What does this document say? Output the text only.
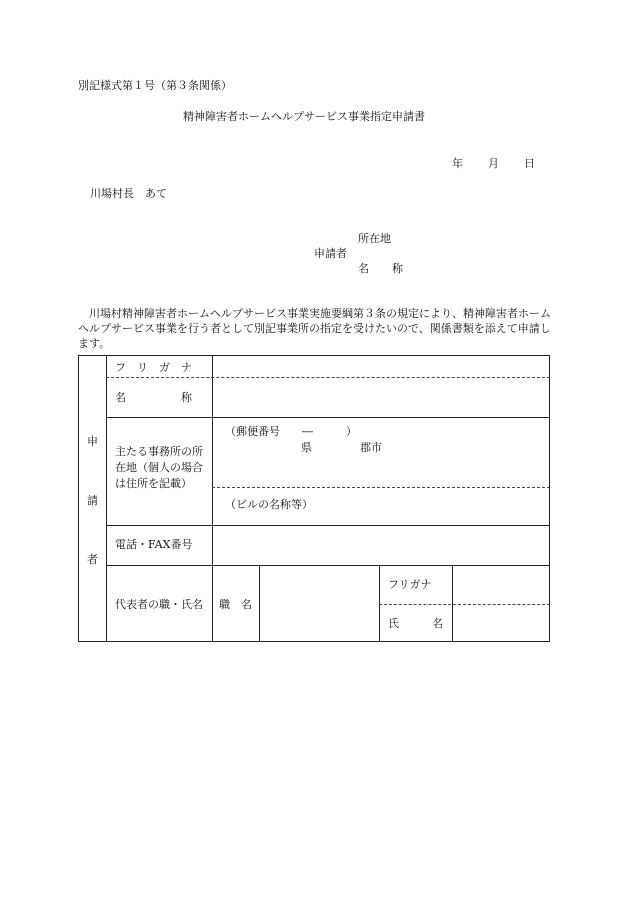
別記様式第１号（第３条関係）
精神障害者ホームヘルプサービス事業指定申請書
年 月 日
川場村長　あて
所在地
申請者
名　称
川場村精神障害者ホームヘルプサービス事業実施要綱第３条の規定により、精神障害者ホームヘルプサービス事業を行う者として別記事業所の指定を受けたいので、関係書類を添えて申請します。
申
請
者
フ　リ　ガ　ナ
名　　　　　称
主たる事務所の所在地（個人の場合は住所を記載）
（郵便番号　　―　　　）
県	郡市
（ビルの名称等）
電話・FAX番号
代表者の職・氏名 職　名
フリガナ
氏　　　名
